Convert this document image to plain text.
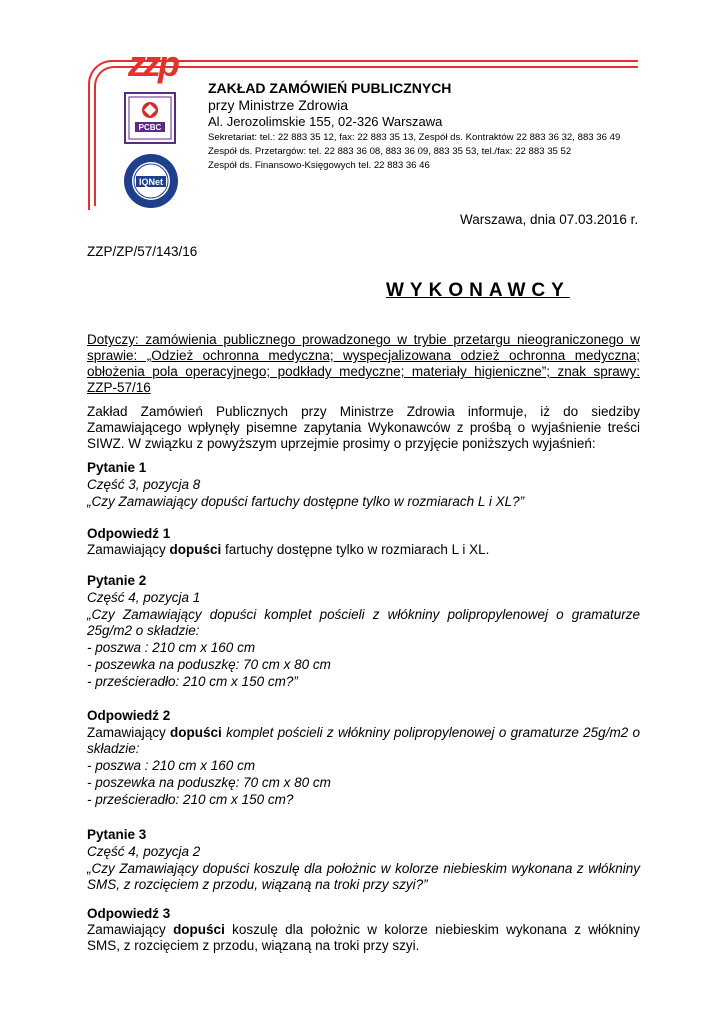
zzp
ZAKŁAD ZAMÓWIEŃ PUBLICZNYCH
przy Ministrze Zdrowia
Al. Jerozolimskie 155, 02-326 Warszawa
Sekretariat: tel.: 22 883 35 12, fax: 22 883 35 13, Zespół ds. Kontraktów 22 883 36 32, 883 36 49
Zespół ds. Przetargów: tel. 22 883 36 08, 883 36 09, 883 35 53, tel./fax: 22 883 35 52
Zespół ds. Finansowo-Księgowych tel. 22 883 36 46
PCBC
IQNet
Warszawa, dnia 07.03.2016 r.
ZZP/ZP/57/143/16
WYKONAWCY
Dotyczy: zamówienia publicznego prowadzonego w trybie przetargu nieograniczonego w sprawie: „Odzież ochronna medyczna; wyspecjalizowana odzież ochronna medyczna; obłożenia pola operacyjnego; podkłady medyczne; materiały higieniczne”; znak sprawy: ZZP-57/16
Zakład Zamówień Publicznych przy Ministrze Zdrowia informuje, iż do siedziby Zamawiającego wpłynęły pisemne zapytania Wykonawców z prośbą o wyjaśnienie treści SIWZ. W związku z powyższym uprzejmie prosimy o przyjęcie poniższych wyjaśnień:
Pytanie 1
Część 3, pozycja 8
„Czy Zamawiający dopuści fartuchy dostępne tylko w rozmiarach L i XL?”
Odpowiedź 1
Zamawiający dopuści fartuchy dostępne tylko w rozmiarach L i XL.
Pytanie 2
Część 4, pozycja 1
„Czy Zamawiający dopuści komplet pościeli z włókniny polipropylenowej o gramaturze 25g/m2 o składzie:
- poszwa : 210 cm x 160 cm
- poszewka na poduszkę: 70 cm x 80 cm
- prześcieradło: 210 cm x 150 cm?”
Odpowiedź 2
Zamawiający dopuści komplet pościeli z włókniny polipropylenowej o gramaturze 25g/m2 o składzie:
- poszwa : 210 cm x 160 cm
- poszewka na poduszkę: 70 cm x 80 cm
- prześcieradło: 210 cm x 150 cm?
Pytanie 3
Część 4, pozycja 2
„Czy Zamawiający dopuści koszulę dla położnic w kolorze niebieskim wykonana z włókniny SMS, z rozcięciem z przodu, wiązaną na troki przy szyi?”
Odpowiedź 3
Zamawiający dopuści koszulę dla położnic w kolorze niebieskim wykonana z włókniny SMS, z rozcięciem z przodu, wiązaną na troki przy szyi.
